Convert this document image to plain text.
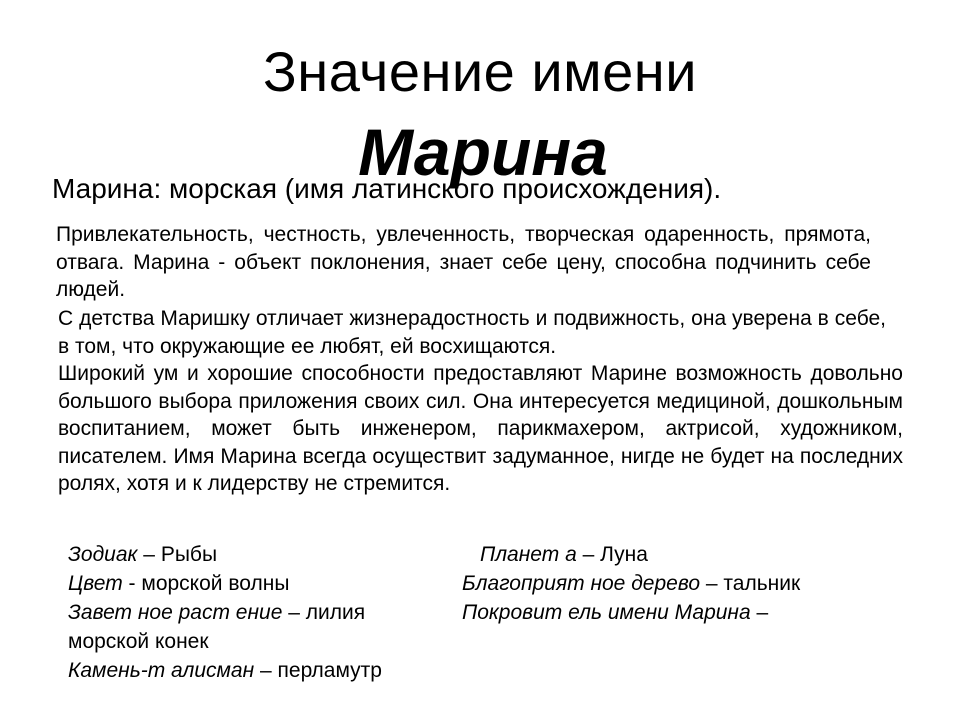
Значение имени
Марина
Марина: морская (имя латинского происхождения).
Привлекательность, честность, увлеченность, творческая одаренность, прямота, отвага. Марина - объект поклонения, знает себе цену, способна подчинить себе людей.
С детства Маришку отличает жизнерадостность и подвижность, она уверена в себе, в том, что окружающие ее любят, ей восхищаются.
Широкий ум и хорошие способности предоставляют Марине возможность довольно большого выбора приложения своих сил. Она интересуется медициной, дошкольным воспитанием, может быть инженером, парикмахером, актрисой, художником, писателем. Имя Марина всегда осуществит задуманное, нигде не будет на последних ролях, хотя и к лидерству не стремится.
Зодиак – Рыбы
Цвет - морской волны
Завет ное раст ение – лилия
морской конек
Камень-т алисман – перламутр
Планет а – Луна
Благоприят ное дерево – тальник
Покровит ель имени Марина –
